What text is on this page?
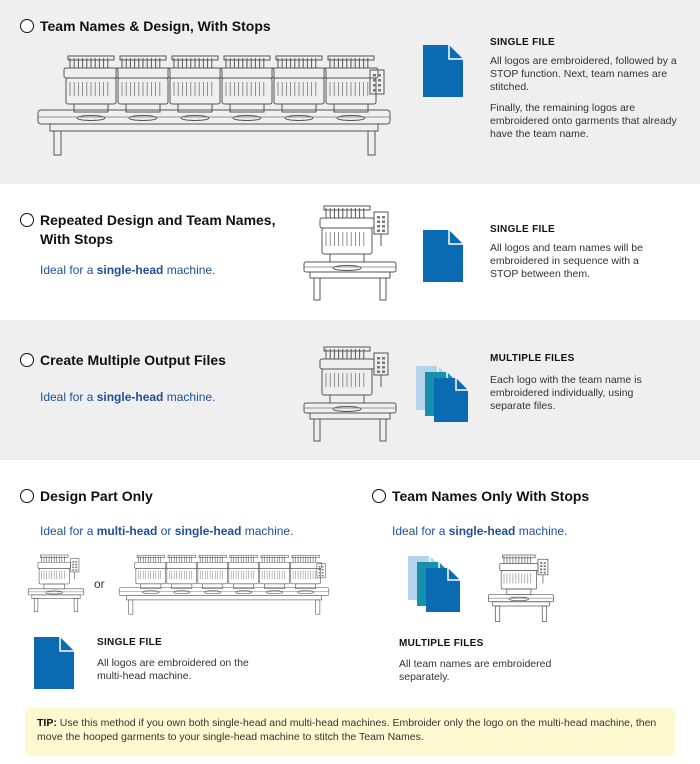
Team Names & Design, With Stops
SINGLE FILE
All logos are embroidered, followed by a STOP function. Next, team names are stitched.
Finally, the remaining logos are embroidered onto garments that already have the team name.
Repeated Design and Team Names,
With Stops
Ideal for a single-head machine.
SINGLE FILE
All logos and team names will be embroidered in sequence with a STOP between them.
Create Multiple Output Files
Ideal for a single-head machine.
MULTIPLE FILES
Each logo with the team name is embroidered individually, using separate files.
Design Part Only
Ideal for a multi-head or single-head machine.
or
SINGLE FILE
All logos are embroidered on the multi-head machine.
Team Names Only With Stops
Ideal for a single-head machine.
MULTIPLE FILES
All team names are embroidered separately.
TIP: Use this method if you own both single-head and multi-head machines. Embroider only the logo on the multi-head machine, then move the hooped garments to your single-head machine to stitch the Team Names.
